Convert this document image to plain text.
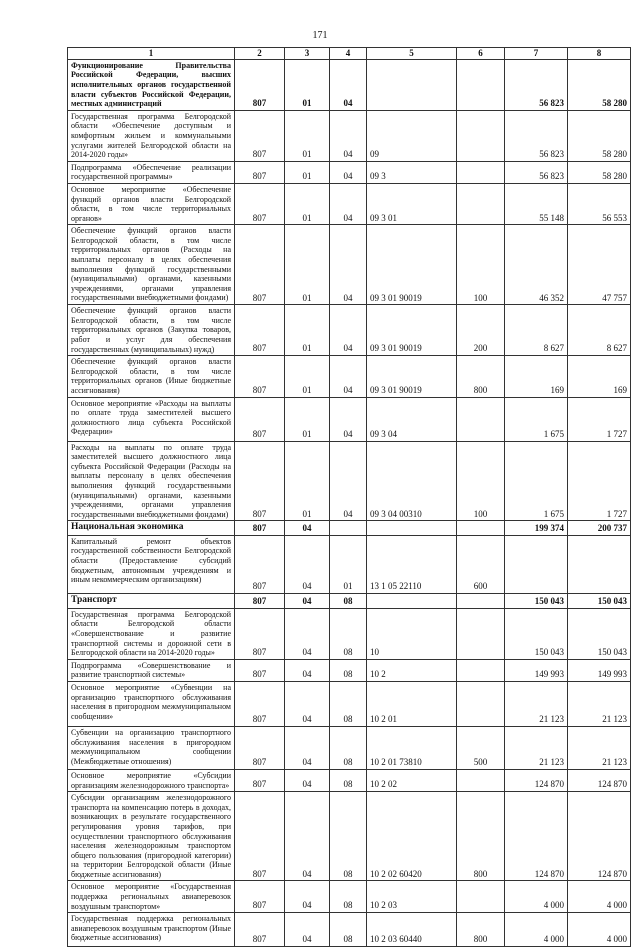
171
1	2	3	4	5	6	7	8
Функционирование Правительства Российской Федерации, высших исполнительных органов государственной власти субъектов Российской Федерации, местных администраций	807	01	04			56 823	58 280
Государственная программа Белгородской области «Обеспечение доступным и комфортным жильем и коммунальными услугами жителей Белгородской области на 2014-2020 годы»	807	01	04	09		56 823	58 280
Подпрограмма «Обеспечение реализации государственной программы»	807	01	04	09 3		56 823	58 280
Основное мероприятие «Обеспечение функций органов власти Белгородской области, в том числе территориальных органов»	807	01	04	09 3 01		55 148	56 553
Обеспечение функций органов власти Белгородской области, в том числе территориальных органов (Расходы на выплаты персоналу в целях обеспечения выполнения функций государственными (муниципальными) органами, казенными учреждениями, органами управления государственными внебюджетными фондами)	807	01	04	09 3 01 90019	100	46 352	47 757
Обеспечение функций органов власти Белгородской области, в том числе территориальных органов (Закупка товаров, работ и услуг для обеспечения государственных (муниципальных) нужд)	807	01	04	09 3 01 90019	200	8 627	8 627
Обеспечение функций органов власти Белгородской области, в том числе территориальных органов (Иные бюджетные ассигнования)	807	01	04	09 3 01 90019	800	169	169
Основное мероприятие «Расходы на выплаты по оплате труда заместителей высшего должностного лица субъекта Российской Федерации»	807	01	04	09 3 04		1 675	1 727
Расходы на выплаты по оплате труда заместителей высшего должностного лица субъекта Российской Федерации (Расходы на выплаты персоналу в целях обеспечения выполнения функций государственными (муниципальными) органами, казенными учреждениями, органами управления государственными внебюджетными фондами)	807	01	04	09 3 04 00310	100	1 675	1 727
Национальная экономика	807	04				199 374	200 737
Капитальный ремонт объектов государственной собственности Белгородской области (Предоставление субсидий бюджетным, автономным учреждениям и иным некоммерческим организациям)	807	04	01	13 1 05 22110	600		
Транспорт	807	04	08			150 043	150 043
Государственная программа Белгородской области Белгородской области «Совершенствование и развитие транспортной системы и дорожной сети в Белгородской области на 2014-2020 годы»	807	04	08	10		150 043	150 043
Подпрограмма «Совершенствование и развитие транспортной системы»	807	04	08	10 2		149 993	149 993
Основное мероприятие «Субвенции на организацию транспортного обслуживания населения в пригородном межмуниципальном сообщении»	807	04	08	10 2 01		21 123	21 123
Субвенции на организацию транспортного обслуживания населения в пригородном межмуниципальном сообщении (Межбюджетные отношения)	807	04	08	10 2 01 73810	500	21 123	21 123
Основное мероприятие «Субсидии организациям железнодорожного транспорта»	807	04	08	10 2 02		124 870	124 870
Субсидии организациям железнодорожного транспорта на компенсацию потерь в доходах, возникающих в результате государственного регулирования уровня тарифов, при осуществлении транспортного обслуживания населения железнодорожным транспортом общего пользования (пригородной категории) на территории Белгородской области (Иные бюджетные ассигнования)	807	04	08	10 2 02 60420	800	124 870	124 870
Основное мероприятие «Государственная поддержка региональных авиаперевозок воздушным транспортом»	807	04	08	10 2 03		4 000	4 000
Государственная поддержка региональных авиаперевозок воздушным транспортом (Иные бюджетные ассигнования)	807	04	08	10 2 03 60440	800	4 000	4 000
